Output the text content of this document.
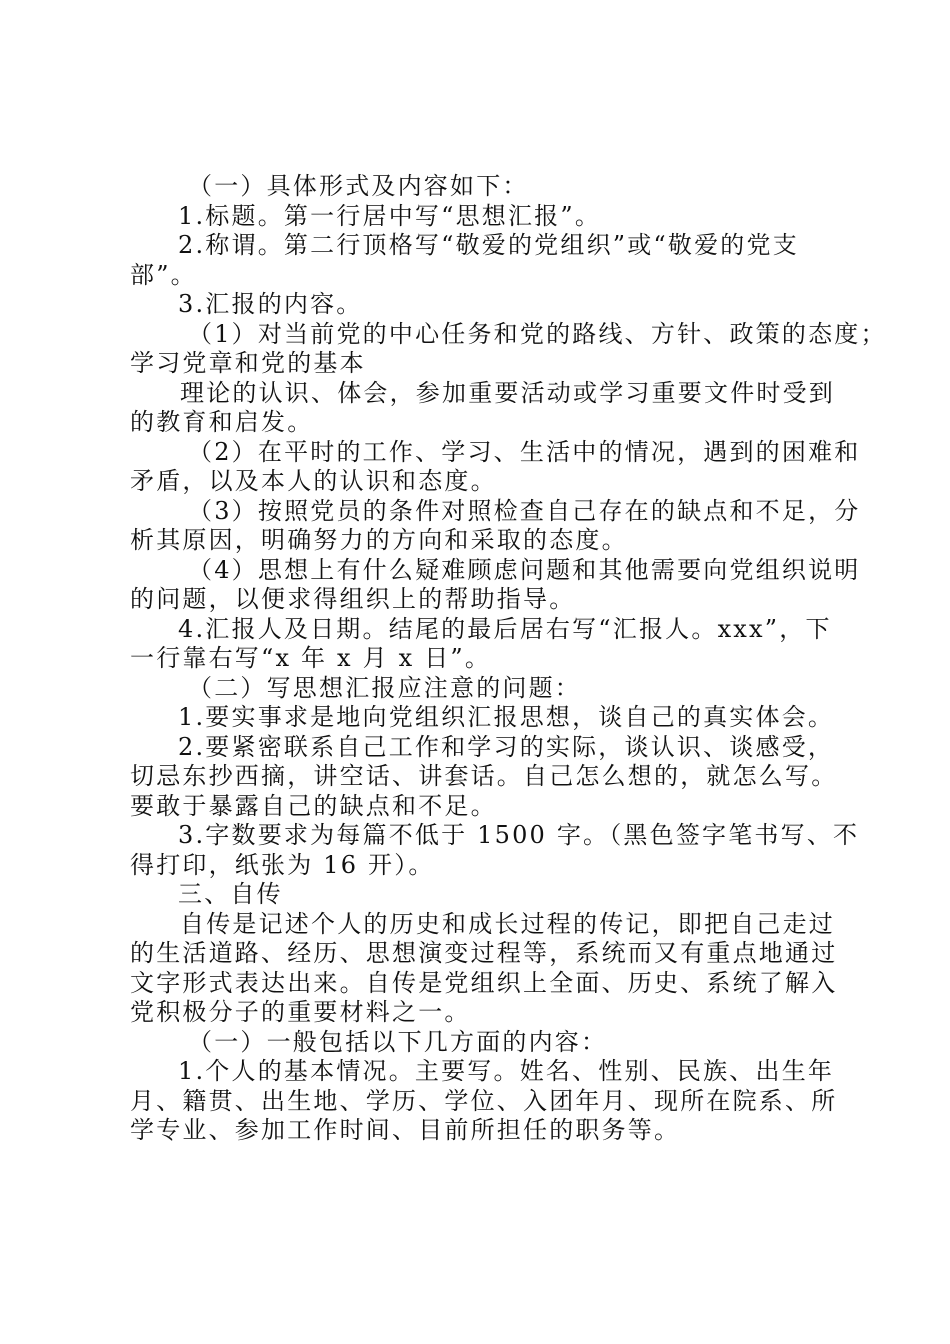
（一）具体形式及内容如下：
1.标题。第一行居中写“思想汇报”。
2.称谓。第二行顶格写“敬爱的党组织”或“敬爱的党支
部”。
3.汇报的内容。
（1）对当前党的中心任务和党的路线、方针、政策的态度；
学习党章和党的基本
理论的认识、体会，参加重要活动或学习重要文件时受到
的教育和启发。
（2）在平时的工作、学习、生活中的情况，遇到的困难和
矛盾，以及本人的认识和态度。
（3）按照党员的条件对照检查自己存在的缺点和不足，分
析其原因，明确努力的方向和采取的态度。
（4）思想上有什么疑难顾虑问题和其他需要向党组织说明
的问题，以便求得组织上的帮助指导。
4.汇报人及日期。结尾的最后居右写“汇报人。xxx”，下
一行靠右写“x 年 x 月 x 日”。
（二）写思想汇报应注意的问题：
1.要实事求是地向党组织汇报思想，谈自己的真实体会。
2.要紧密联系自己工作和学习的实际，谈认识、谈感受，
切忌东抄西摘，讲空话、讲套话。自己怎么想的，就怎么写。
要敢于暴露自己的缺点和不足。
3.字数要求为每篇不低于 1500 字。（黑色签字笔书写、不
得打印，纸张为 16 开）。
三、自传
自传是记述个人的历史和成长过程的传记，即把自己走过
的生活道路、经历、思想演变过程等，系统而又有重点地通过
文字形式表达出来。自传是党组织上全面、历史、系统了解入
党积极分子的重要材料之一。
（一）一般包括以下几方面的内容：
1.个人的基本情况。主要写。姓名、性别、民族、出生年
月、籍贯、出生地、学历、学位、入团年月、现所在院系、所
学专业、参加工作时间、目前所担任的职务等。
